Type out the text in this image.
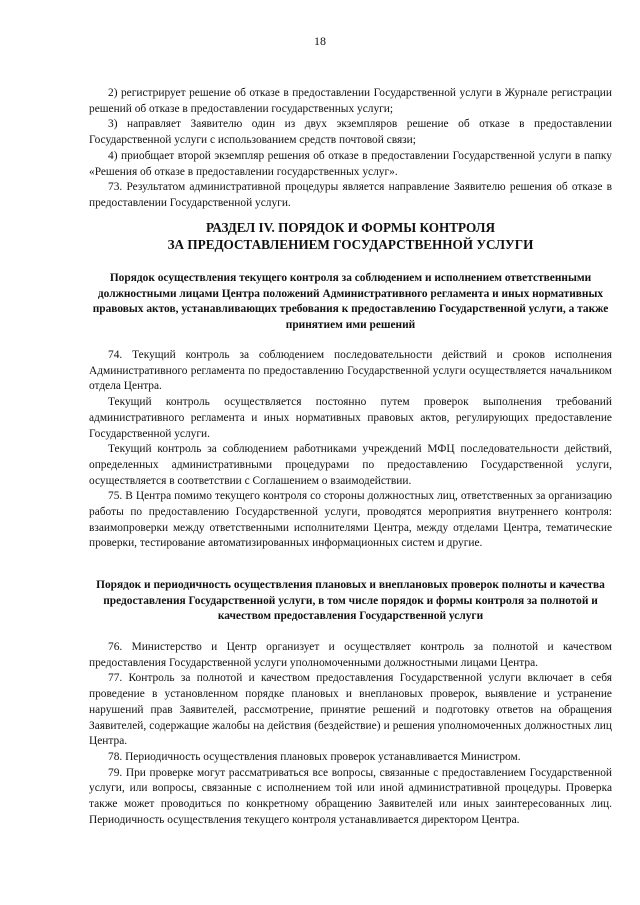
18

2) регистрирует решение об отказе в предоставлении Государственной услуги в Журнале регистрации решений об отказе в предоставлении государственных услуги;

3) направляет Заявителю один из двух экземпляров решение об отказе в предоставлении Государственной услуги с использованием средств почтовой связи;

4) приобщает второй экземпляр решения об отказе в предоставлении Государственной услуги в папку «Решения об отказе в предоставлении государственных услуг».

73. Результатом административной процедуры является направление Заявителю решения об отказе в предоставлении Государственной услуги.

РАЗДЕЛ IV. ПОРЯДОК И ФОРМЫ КОНТРОЛЯ

ЗА ПРЕДОСТАВЛЕНИЕМ ГОСУДАРСТВЕННОЙ УСЛУГИ

Порядок осуществления текущего контроля за соблюдением и исполнением ответственными должностными лицами Центра положений Административного регламента и иных нормативных правовых актов, устанавливающих требования к предоставлению Государственной услуги, а также принятием ими решений

74. Текущий контроль за соблюдением последовательности действий и сроков исполнения Административного регламента по предоставлению Государственной услуги осуществляется начальником отдела Центра.

Текущий контроль осуществляется постоянно путем проверок выполнения требований административного регламента и иных нормативных правовых актов, регулирующих предоставление Государственной услуги.

Текущий контроль за соблюдением работниками учреждений МФЦ последовательности действий, определенных административными процедурами по предоставлению Государственной услуги, осуществляется в соответствии с Соглашением о взаимодействии.

75. В Центра помимо текущего контроля со стороны должностных лиц, ответственных за организацию работы по предоставлению Государственной услуги, проводятся мероприятия внутреннего контроля: взаимопроверки между ответственными исполнителями Центра, между отделами Центра, тематические проверки, тестирование автоматизированных информационных систем и другие.

Порядок и периодичность осуществления плановых и внеплановых проверок полноты и качества предоставления Государственной услуги, в том числе порядок и формы контроля за полнотой и качеством предоставления Государственной услуги

76. Министерство и Центр организует и осуществляет контроль за полнотой и качеством предоставления Государственной услуги уполномоченными должностными лицами Центра.

77. Контроль за полнотой и качеством предоставления Государственной услуги включает в себя проведение в установленном порядке плановых и внеплановых проверок, выявление и устранение нарушений прав Заявителей, рассмотрение, принятие решений и подготовку ответов на обращения Заявителей, содержащие жалобы на действия (бездействие) и решения уполномоченных должностных лиц Центра.

78. Периодичность осуществления плановых проверок устанавливается Министром.

79. При проверке могут рассматриваться все вопросы, связанные с предоставлением Государственной услуги, или вопросы, связанные с исполнением той или иной административной процедуры. Проверка также может проводиться по конкретному обращению Заявителей или иных заинтересованных лиц. Периодичность осуществления текущего контроля устанавливается директором Центра.
